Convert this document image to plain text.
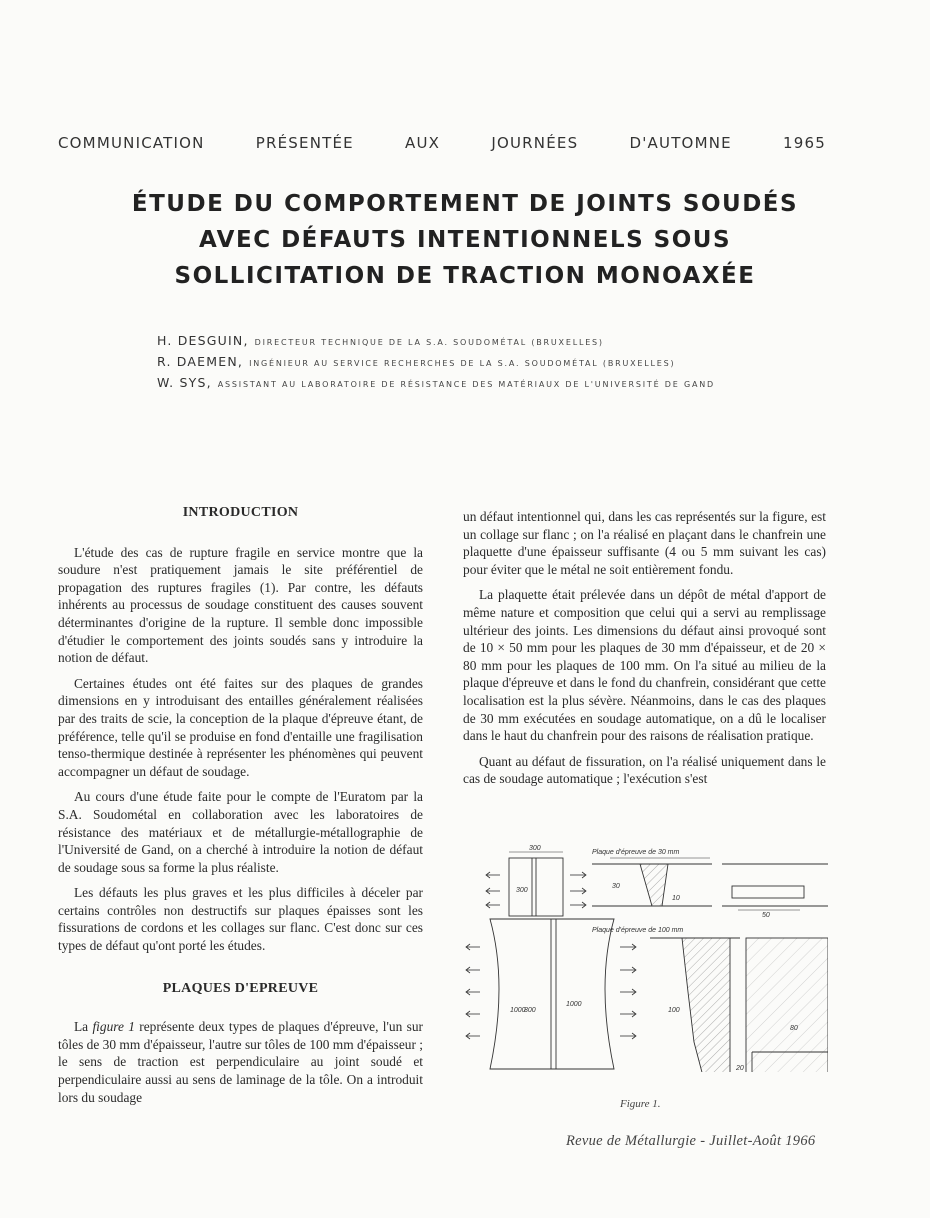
COMMUNICATION	PRÉSENTÉE	AUX	JOURNÉES	D'AUTOMNE	1965
ÉTUDE DU COMPORTEMENT DE JOINTS SOUDÉS
AVEC DÉFAUTS INTENTIONNELS SOUS
SOLLICITATION DE TRACTION MONOAXÉE
H. DESGUIN, DIRECTEUR TECHNIQUE DE LA S.A. SOUDOMÉTAL (BRUXELLES)
R. DAEMEN, INGÉNIEUR AU SERVICE RECHERCHES DE LA S.A. SOUDOMÉTAL (BRUXELLES)
W. SYS, ASSISTANT AU LABORATOIRE DE RÉSISTANCE DES MATÉRIAUX DE L'UNIVERSITÉ DE GAND
INTRODUCTION

L'étude des cas de rupture fragile en service montre que la soudure n'est pratiquement jamais le site préférentiel de propagation des ruptures fragiles (1). Par contre, les défauts inhérents au processus de soudage constituent des causes souvent déterminantes d'origine de la rupture. Il semble donc impossible d'étudier le comportement des joints soudés sans y introduire la notion de défaut.

Certaines études ont été faites sur des plaques de grandes dimensions en y introduisant des entailles généralement réalisées par des traits de scie, la conception de la plaque d'épreuve étant, de préférence, telle qu'il se produise en fond d'entaille une fragilisation tenso-thermique destinée à représenter les phénomènes qui peuvent accompagner un défaut de soudage.

Au cours d'une étude faite pour le compte de l'Euratom par la S.A. Soudométal en collaboration avec les laboratoires de résistance des matériaux et de métallurgie-métallographie de l'Université de Gand, on a cherché à introduire la notion de défaut de soudage sous sa forme la plus réaliste.

Les défauts les plus graves et les plus difficiles à déceler par certains contrôles non destructifs sur plaques épaisses sont les fissurations de cordons et les collages sur flanc. C'est donc sur ces types de défaut qu'ont porté les études.

PLAQUES D'EPREUVE

La figure 1 représente deux types de plaques d'épreuve, l'un sur tôles de 30 mm d'épaisseur, l'autre sur tôles de 100 mm d'épaisseur ; le sens de traction est perpendiculaire au joint soudé et perpendiculaire aussi au sens de laminage de la tôle. On a introduit lors du soudage

un défaut intentionnel qui, dans les cas représentés sur la figure, est un collage sur flanc ; on l'a réalisé en plaçant dans le chanfrein une plaquette d'une épaisseur suffisante (4 ou 5 mm suivant les cas) pour éviter que le métal ne soit entièrement fondu.

La plaquette était prélevée dans un dépôt de métal d'apport de même nature et composition que celui qui a servi au remplissage ultérieur des joints. Les dimensions du défaut ainsi provoqué sont de 10 × 50 mm pour les plaques de 30 mm d'épaisseur, et de 20 × 80 mm pour les plaques de 100 mm. On l'a situé au milieu de la plaque d'épreuve et dans le fond du chanfrein, considérant que cette localisation est la plus sévère. Néanmoins, dans le cas des plaques de 30 mm exécutées en soudage automatique, on a dû le localiser dans le haut du chanfrein pour des raisons de réalisation pratique.

Quant au défaut de fissuration, on l'a réalisé uniquement dans le cas de soudage automatique ; l'exécution s'est

Plaque d'épreuve de 30 mm
Plaque d'épreuve de 100 mm
300
300
30
10
50
1000
800
1000
100
80
20
Figure 1.
Revue de Métallurgie - Juillet-Août 1966
